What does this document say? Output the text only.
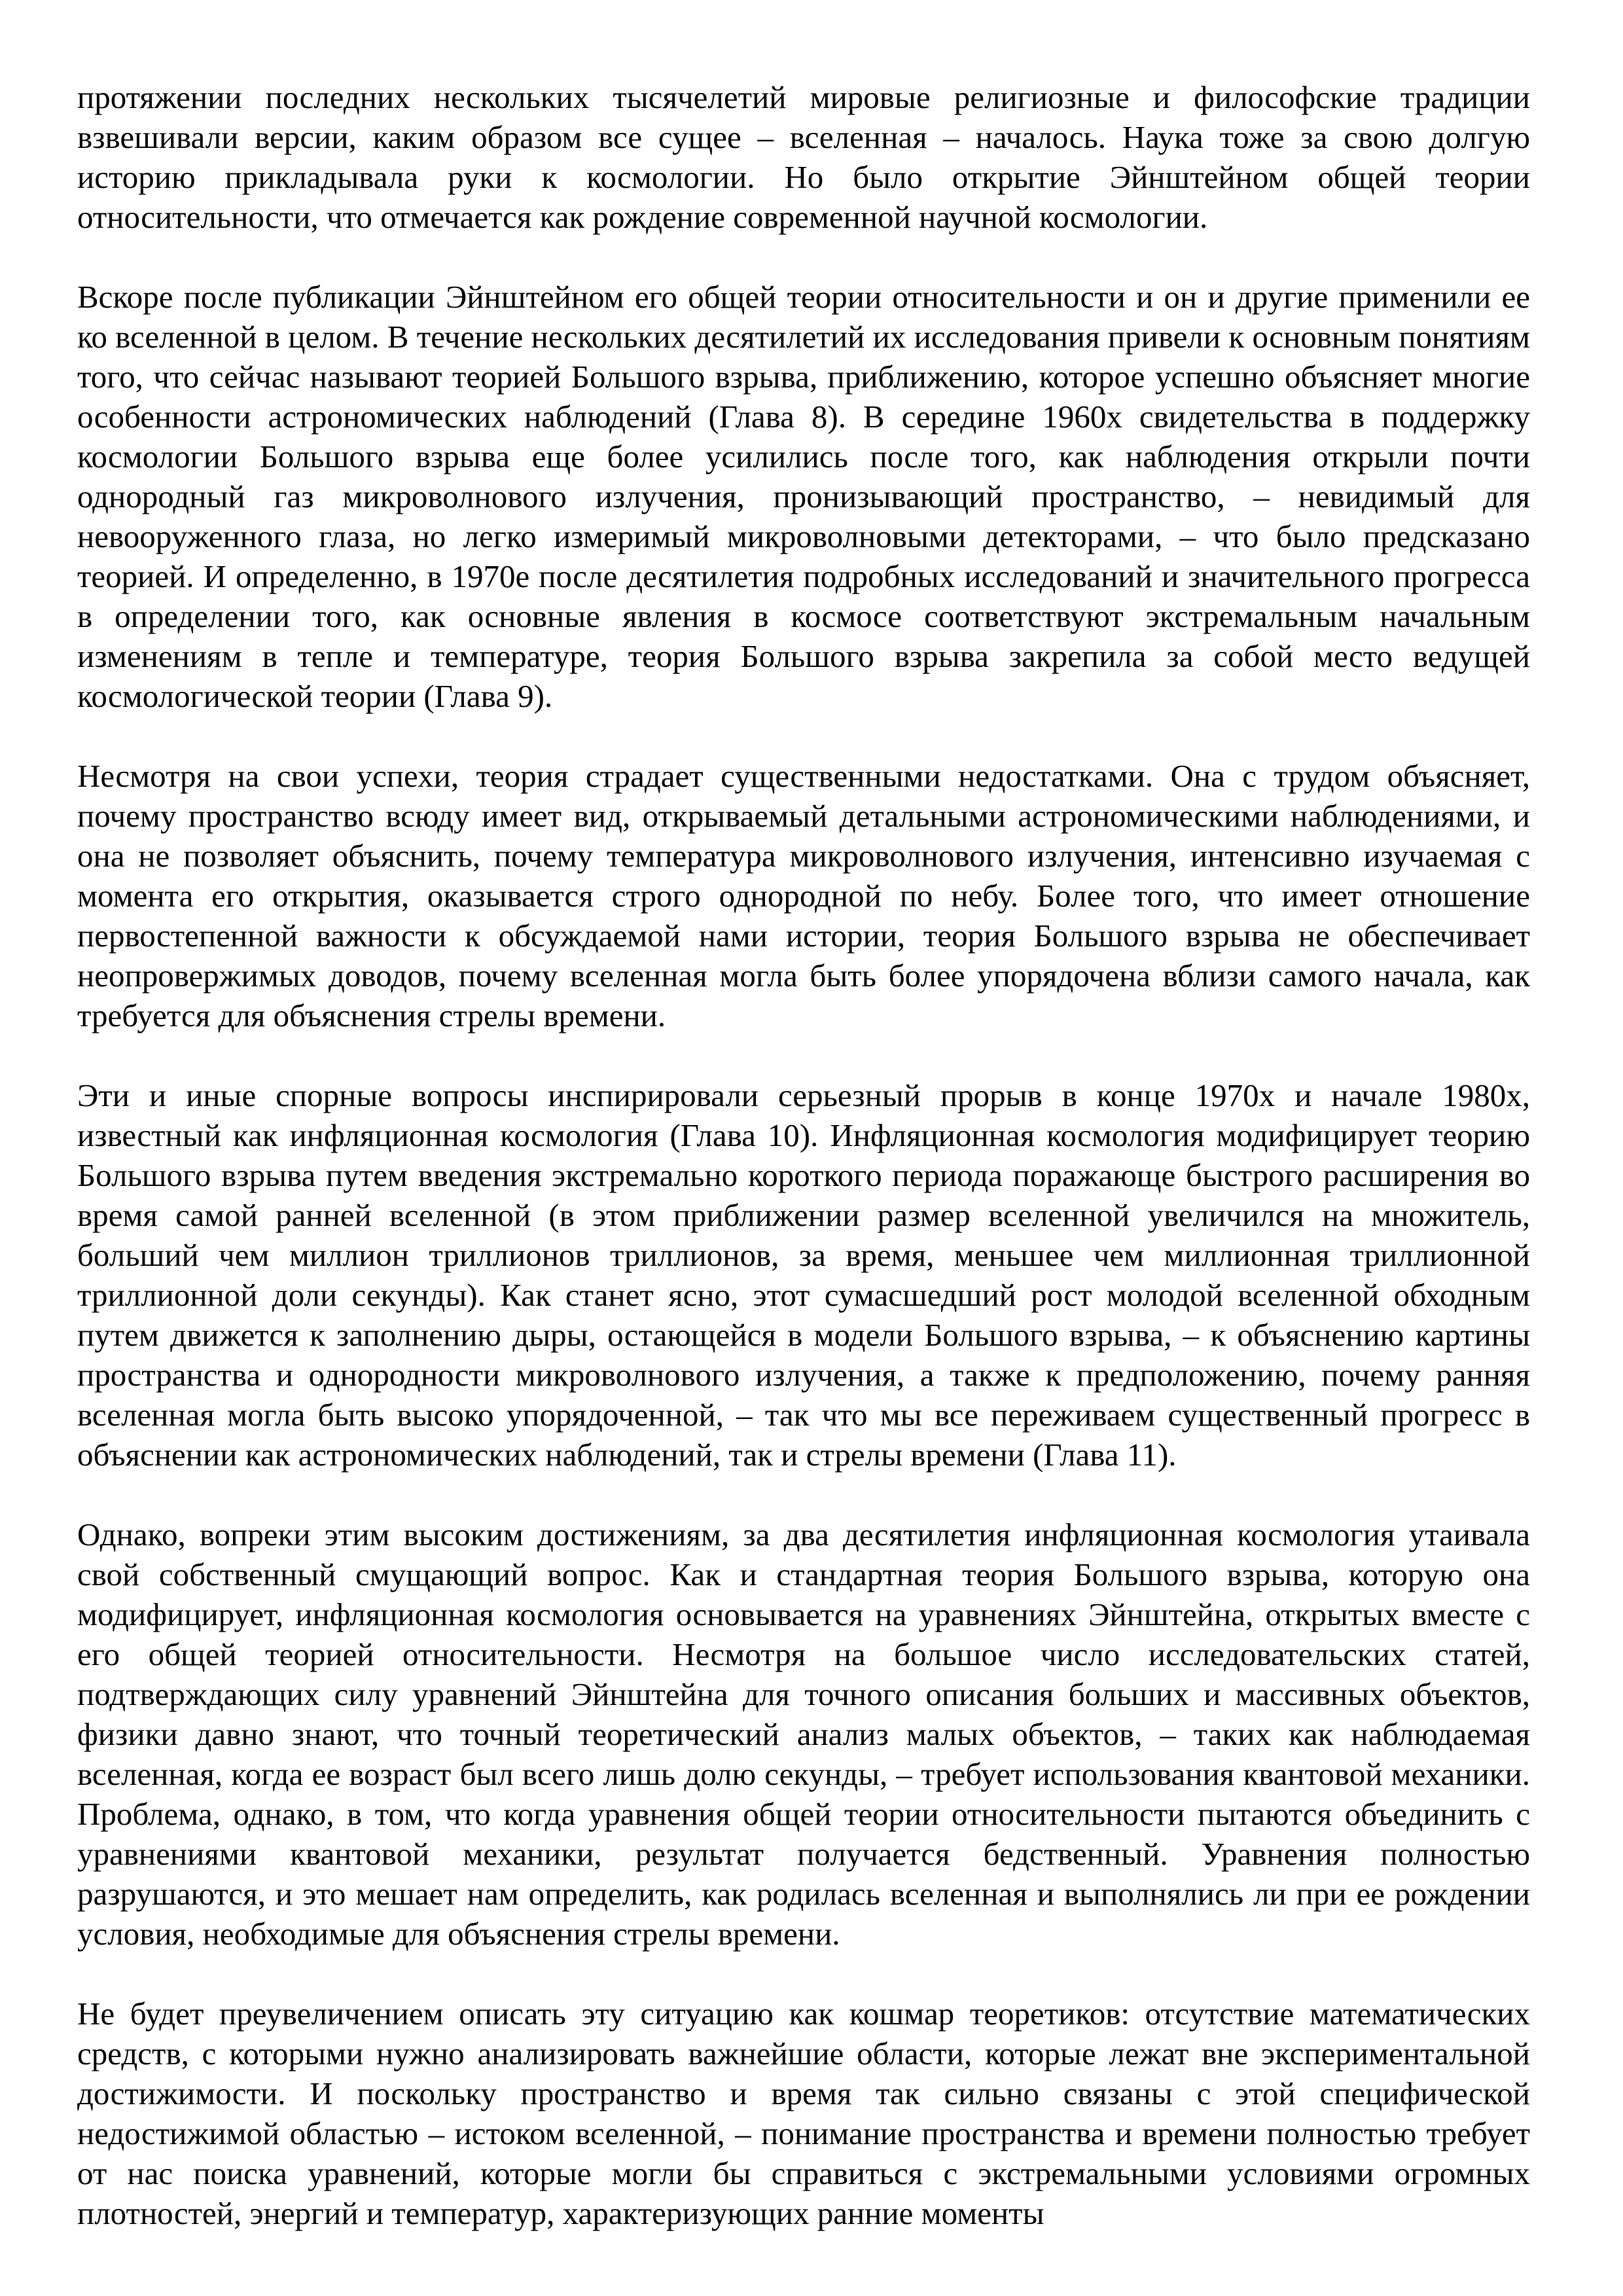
протяжении последних нескольких тысячелетий мировые религиозные и философские традиции взвешивали версии, каким образом все сущее – вселенная – началось. Наука тоже за свою долгую историю прикладывала руки к космологии. Но было открытие Эйнштейном общей теории относительности, что отмечается как рождение современной научной космологии.

Вскоре после публикации Эйнштейном его общей теории относительности и он и другие применили ее ко вселенной в целом. В течение нескольких десятилетий их исследования привели к основным понятиям того, что сейчас называют теорией Большого взрыва, приближению, которое успешно объясняет многие особенности астрономических наблюдений (Глава 8). В середине 1960х свидетельства в поддержку космологии Большого взрыва еще более усилились после того, как наблюдения открыли почти однородный газ микроволнового излучения, пронизывающий пространство, – невидимый для невооруженного глаза, но легко измеримый микроволновыми детекторами, – что было предсказано теорией. И определенно, в 1970е после десятилетия подробных исследований и значительного прогресса в определении того, как основные явления в космосе соответствуют экстремальным начальным изменениям в тепле и температуре, теория Большого взрыва закрепила за собой место ведущей космологической теории (Глава 9).

Несмотря на свои успехи, теория страдает существенными недостатками. Она с трудом объясняет, почему пространство всюду имеет вид, открываемый детальными астрономическими наблюдениями, и она не позволяет объяснить, почему температура микроволнового излучения, интенсивно изучаемая с момента его открытия, оказывается строго однородной по небу. Более того, что имеет отношение первостепенной важности к обсуждаемой нами истории, теория Большого взрыва не обеспечивает неопровержимых доводов, почему вселенная могла быть более упорядочена вблизи самого начала, как требуется для объяснения стрелы времени.

Эти и иные спорные вопросы инспирировали серьезный прорыв в конце 1970х и начале 1980х, известный как инфляционная космология (Глава 10). Инфляционная космология модифицирует теорию Большого взрыва путем введения экстремально короткого периода поражающе быстрого расширения во время самой ранней вселенной (в этом приближении размер вселенной увеличился на множитель, больший чем миллион триллионов триллионов, за время, меньшее чем миллионная триллионной триллионной доли секунды). Как станет ясно, этот сумасшедший рост молодой вселенной обходным путем движется к заполнению дыры, остающейся в модели Большого взрыва, – к объяснению картины пространства и однородности микроволнового излучения, а также к предположению, почему ранняя вселенная могла быть высоко упорядоченной, – так что мы все переживаем существенный прогресс в объяснении как астрономических наблюдений, так и стрелы времени (Глава 11).

Однако, вопреки этим высоким достижениям, за два десятилетия инфляционная космология утаивала свой собственный смущающий вопрос. Как и стандартная теория Большого взрыва, которую она модифицирует, инфляционная космология основывается на уравнениях Эйнштейна, открытых вместе с его общей теорией относительности. Несмотря на большое число исследовательских статей, подтверждающих силу уравнений Эйнштейна для точного описания больших и массивных объектов, физики давно знают, что точный теоретический анализ малых объектов, – таких как наблюдаемая вселенная, когда ее возраст был всего лишь долю секунды, – требует использования квантовой механики. Проблема, однако, в том, что когда уравнения общей теории относительности пытаются объединить с уравнениями квантовой механики, результат получается бедственный. Уравнения полностью разрушаются, и это мешает нам определить, как родилась вселенная и выполнялись ли при ее рождении условия, необходимые для объяснения стрелы времени.

Не будет преувеличением описать эту ситуацию как кошмар теоретиков: отсутствие математических средств, с которыми нужно анализировать важнейшие области, которые лежат вне экспериментальной достижимости. И поскольку пространство и время так сильно связаны с этой специфической недостижимой областью – истоком вселенной, – понимание пространства и времени полностью требует от нас поиска уравнений, которые могли бы справиться с экстремальными условиями огромных плотностей, энергий и температур, характеризующих ранние моменты
